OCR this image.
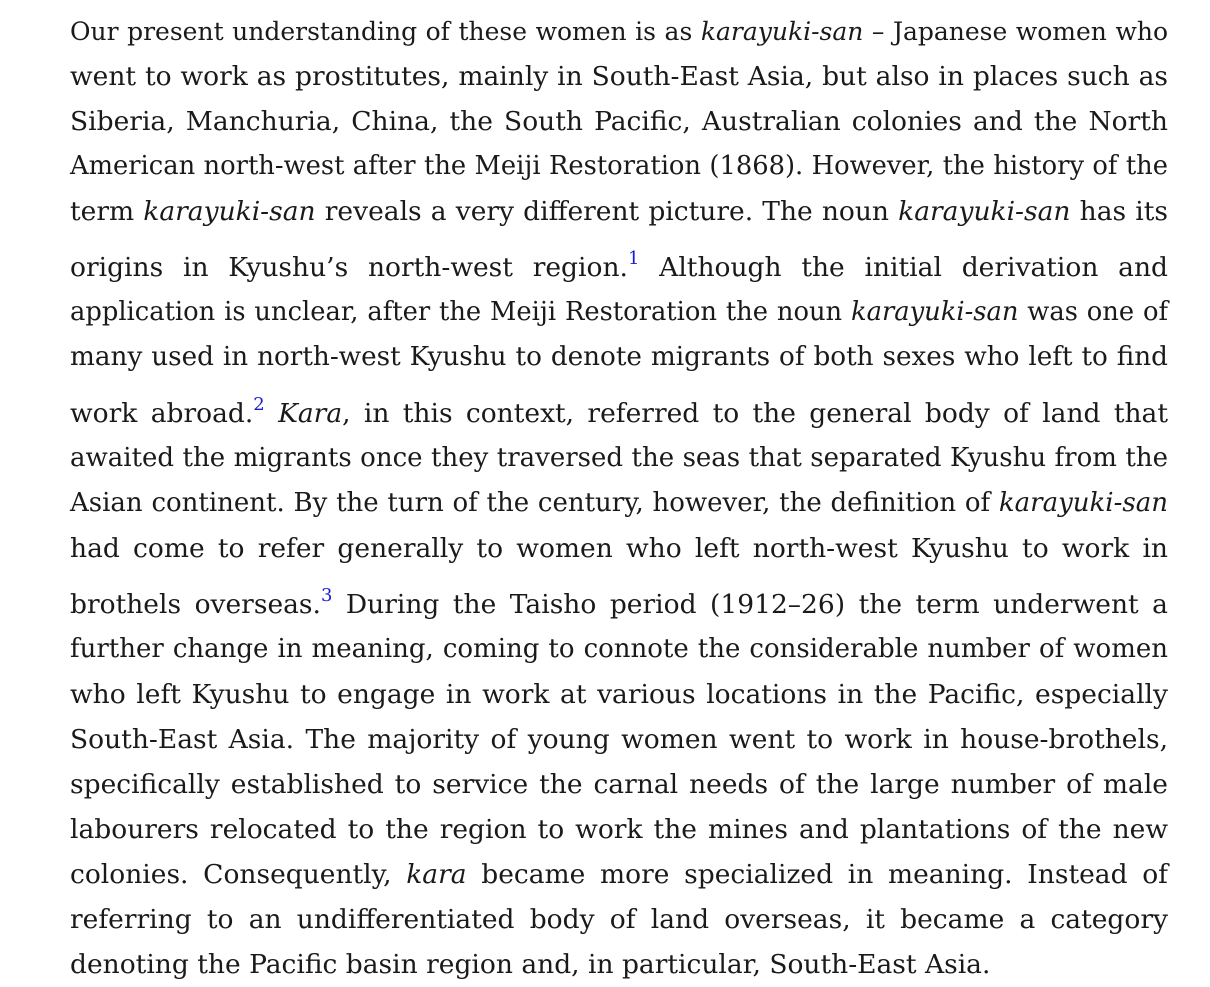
Our present understanding of these women is as karayuki-san – Japanese women who
went to work as prostitutes, mainly in South-East Asia, but also in places such as
Siberia, Manchuria, China, the South Pacific, Australian colonies and the North
American north-west after the Meiji Restoration (1868). However, the history of the
term karayuki-san reveals a very different picture. The noun karayuki-san has its
origins in Kyushu’s north-west region.$^1$ Although the initial derivation and
application is unclear, after the Meiji Restoration the noun karayuki-san was one of
many used in north-west Kyushu to denote migrants of both sexes who left to find
work abroad.$^2$ Kara, in this context, referred to the general body of land that
awaited the migrants once they traversed the seas that separated Kyushu from the
Asian continent. By the turn of the century, however, the definition of karayuki-san
had come to refer generally to women who left north-west Kyushu to work in
brothels overseas.$^3$ During the Taisho period (1912–26) the term underwent a
further change in meaning, coming to connote the considerable number of women
who left Kyushu to engage in work at various locations in the Pacific, especially
South-East Asia. The majority of young women went to work in house-brothels,
specifically established to service the carnal needs of the large number of male
labourers relocated to the region to work the mines and plantations of the new
colonies. Consequently, kara became more specialized in meaning. Instead of
referring to an undifferentiated body of land overseas, it became a category
denoting the Pacific basin region and, in particular, South-East Asia.
